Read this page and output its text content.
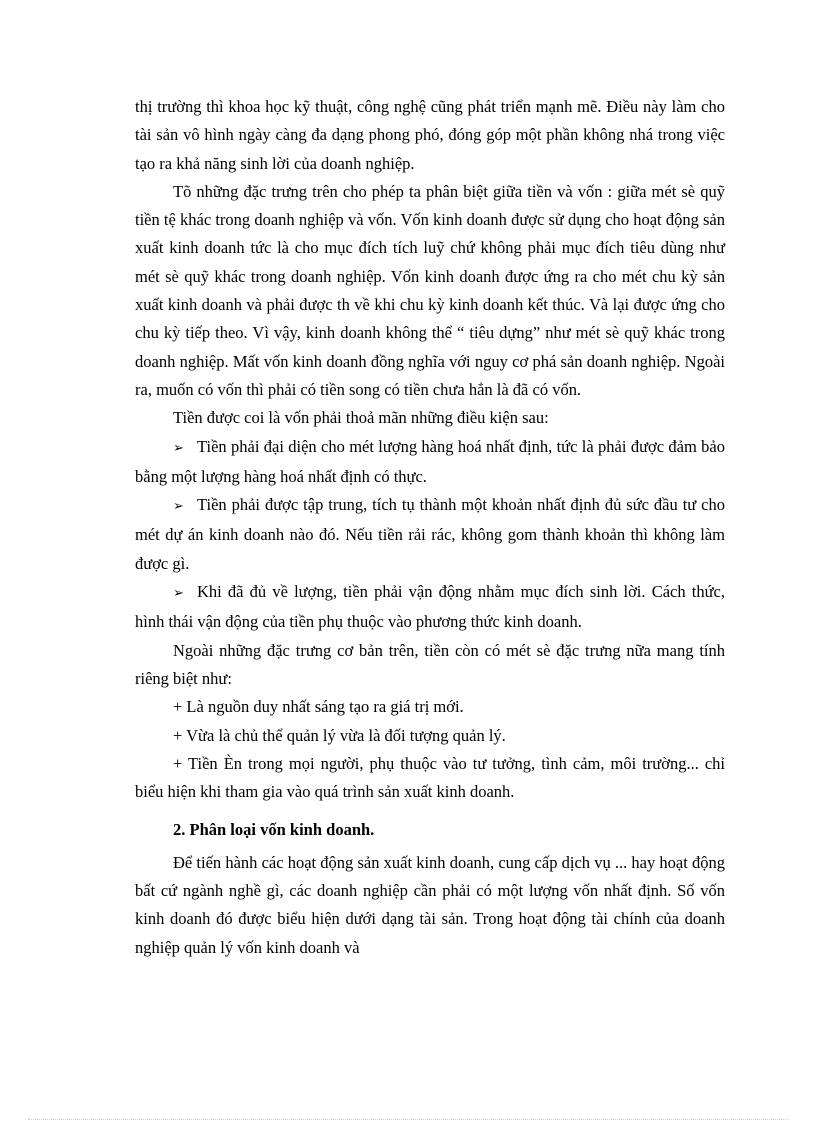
thị trường thì khoa học kỹ thuật, công nghệ cũng phát triển mạnh mẽ. Điều này làm cho tài sản vô hình ngày càng đa dạng phong phó, đóng góp một phần không nhá trong việc tạo ra khả năng sinh lời của doanh nghiệp.

Tõ những đặc trưng trên cho phép ta phân biệt giữa tiền và vốn : giữa mét sè quỹ tiền tệ khác trong doanh nghiệp và vốn. Vốn kinh doanh được sử dụng cho hoạt động sản xuất kinh doanh tức là cho mục đích tích luỹ chứ không phải mục đích tiêu dùng như mét sè quỹ khác trong doanh nghiệp. Vốn kinh doanh được ứng ra cho mét chu kỳ sản xuất kinh doanh và phải được th về khi chu kỳ kinh doanh kết thúc. Và lại được ứng cho chu kỳ tiếp theo. Vì vậy, kinh doanh không thể “ tiêu dựng” như mét sè quỹ khác trong doanh nghiệp. Mất vốn kinh doanh đồng nghĩa với nguy cơ phá sản doanh nghiệp. Ngoài ra, muốn có vốn thì phải có tiền song có tiền chưa hẳn là đã có vốn.

Tiền được coi là vốn phải thoả mãn những điều kiện sau:

➢ Tiền phải đại diện cho mét lượng hàng hoá nhất định, tức là phải được đảm bảo bằng một lượng hàng hoá nhất định có thực.

➢ Tiền phải được tập trung, tích tụ thành một khoản nhất định đủ sức đầu tư cho mét dự án kinh doanh nào đó. Nếu tiền rải rác, không gom thành khoản thì không làm được gì.

➢ Khi đã đủ về lượng, tiền phải vận động nhằm mục đích sinh lời. Cách thức, hình thái vận động của tiền phụ thuộc vào phương thức kinh doanh.

Ngoài những đặc trưng cơ bản trên, tiền còn có mét sè đặc trưng nữa mang tính riêng biệt như:

+ Là nguồn duy nhất sáng tạo ra giá trị mới.

+ Vừa là chủ thể quản lý vừa là đối tượng quản lý.

+ Tiền Èn trong mọi người, phụ thuộc vào tư tưởng, tình cảm, môi trường... chỉ biểu hiện khi tham gia vào quá trình sản xuất kinh doanh.

2. Phân loại vốn kinh doanh.

Để tiến hành các hoạt động sản xuất kinh doanh, cung cấp dịch vụ ... hay hoạt động bất cứ ngành nghề gì, các doanh nghiệp cần phải có một lượng vốn nhất định. Số vốn kinh doanh đó được biểu hiện dưới dạng tài sản. Trong hoạt động tài chính của doanh nghiệp quản lý vốn kinh doanh và
